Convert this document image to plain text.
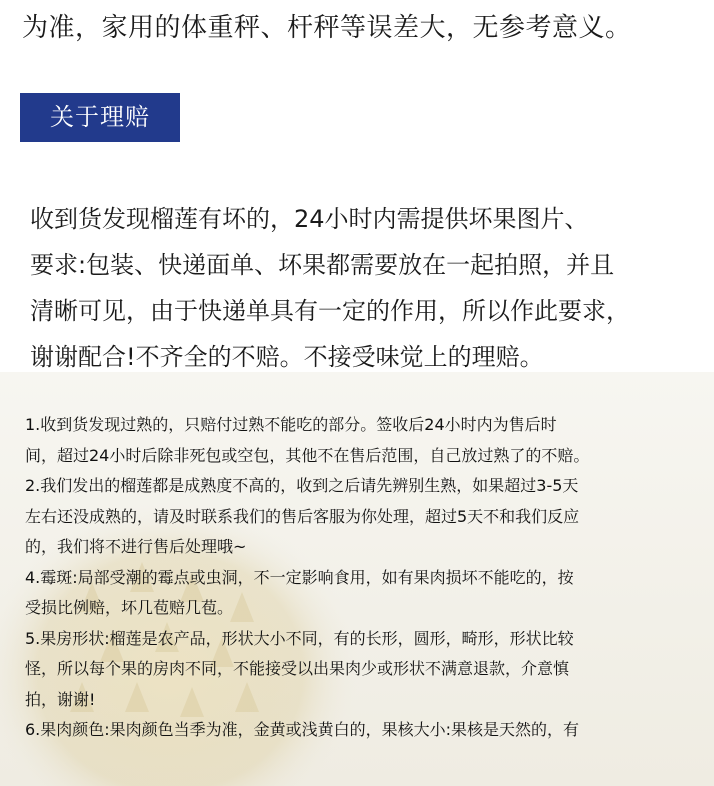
为准，家用的体重秤、杆秤等误差大，无参考意义。
关于理赔
收到货发现榴莲有坏的，24小时内需提供坏果图片、
要求:包装、快递面单、坏果都需要放在一起拍照，并且
清晰可见，由于快递单具有一定的作用，所以作此要求，
谢谢配合!不齐全的不赔。不接受味觉上的理赔。
1.收到货发现过熟的，只赔付过熟不能吃的部分。签收后24小时内为售后时
间，超过24小时后除非死包或空包，其他不在售后范围，自己放过熟了的不赔。
2.我们发出的榴莲都是成熟度不高的，收到之后请先辨别生熟，如果超过3-5天
左右还没成熟的，请及时联系我们的售后客服为你处理，超过5天不和我们反应
的，我们将不进行售后处理哦~
4.霉斑:局部受潮的霉点或虫洞，不一定影响食用，如有果肉损坏不能吃的，按
受损比例赔，坏几苞赔几苞。
5.果房形状:榴莲是农产品，形状大小不同，有的长形，圆形，畸形，形状比较
怪，所以每个果的房肉不同，不能接受以出果肉少或形状不满意退款，介意慎
拍，谢谢!
6.果肉颜色:果肉颜色当季为准，金黄或浅黄白的，果核大小:果核是天然的，有
